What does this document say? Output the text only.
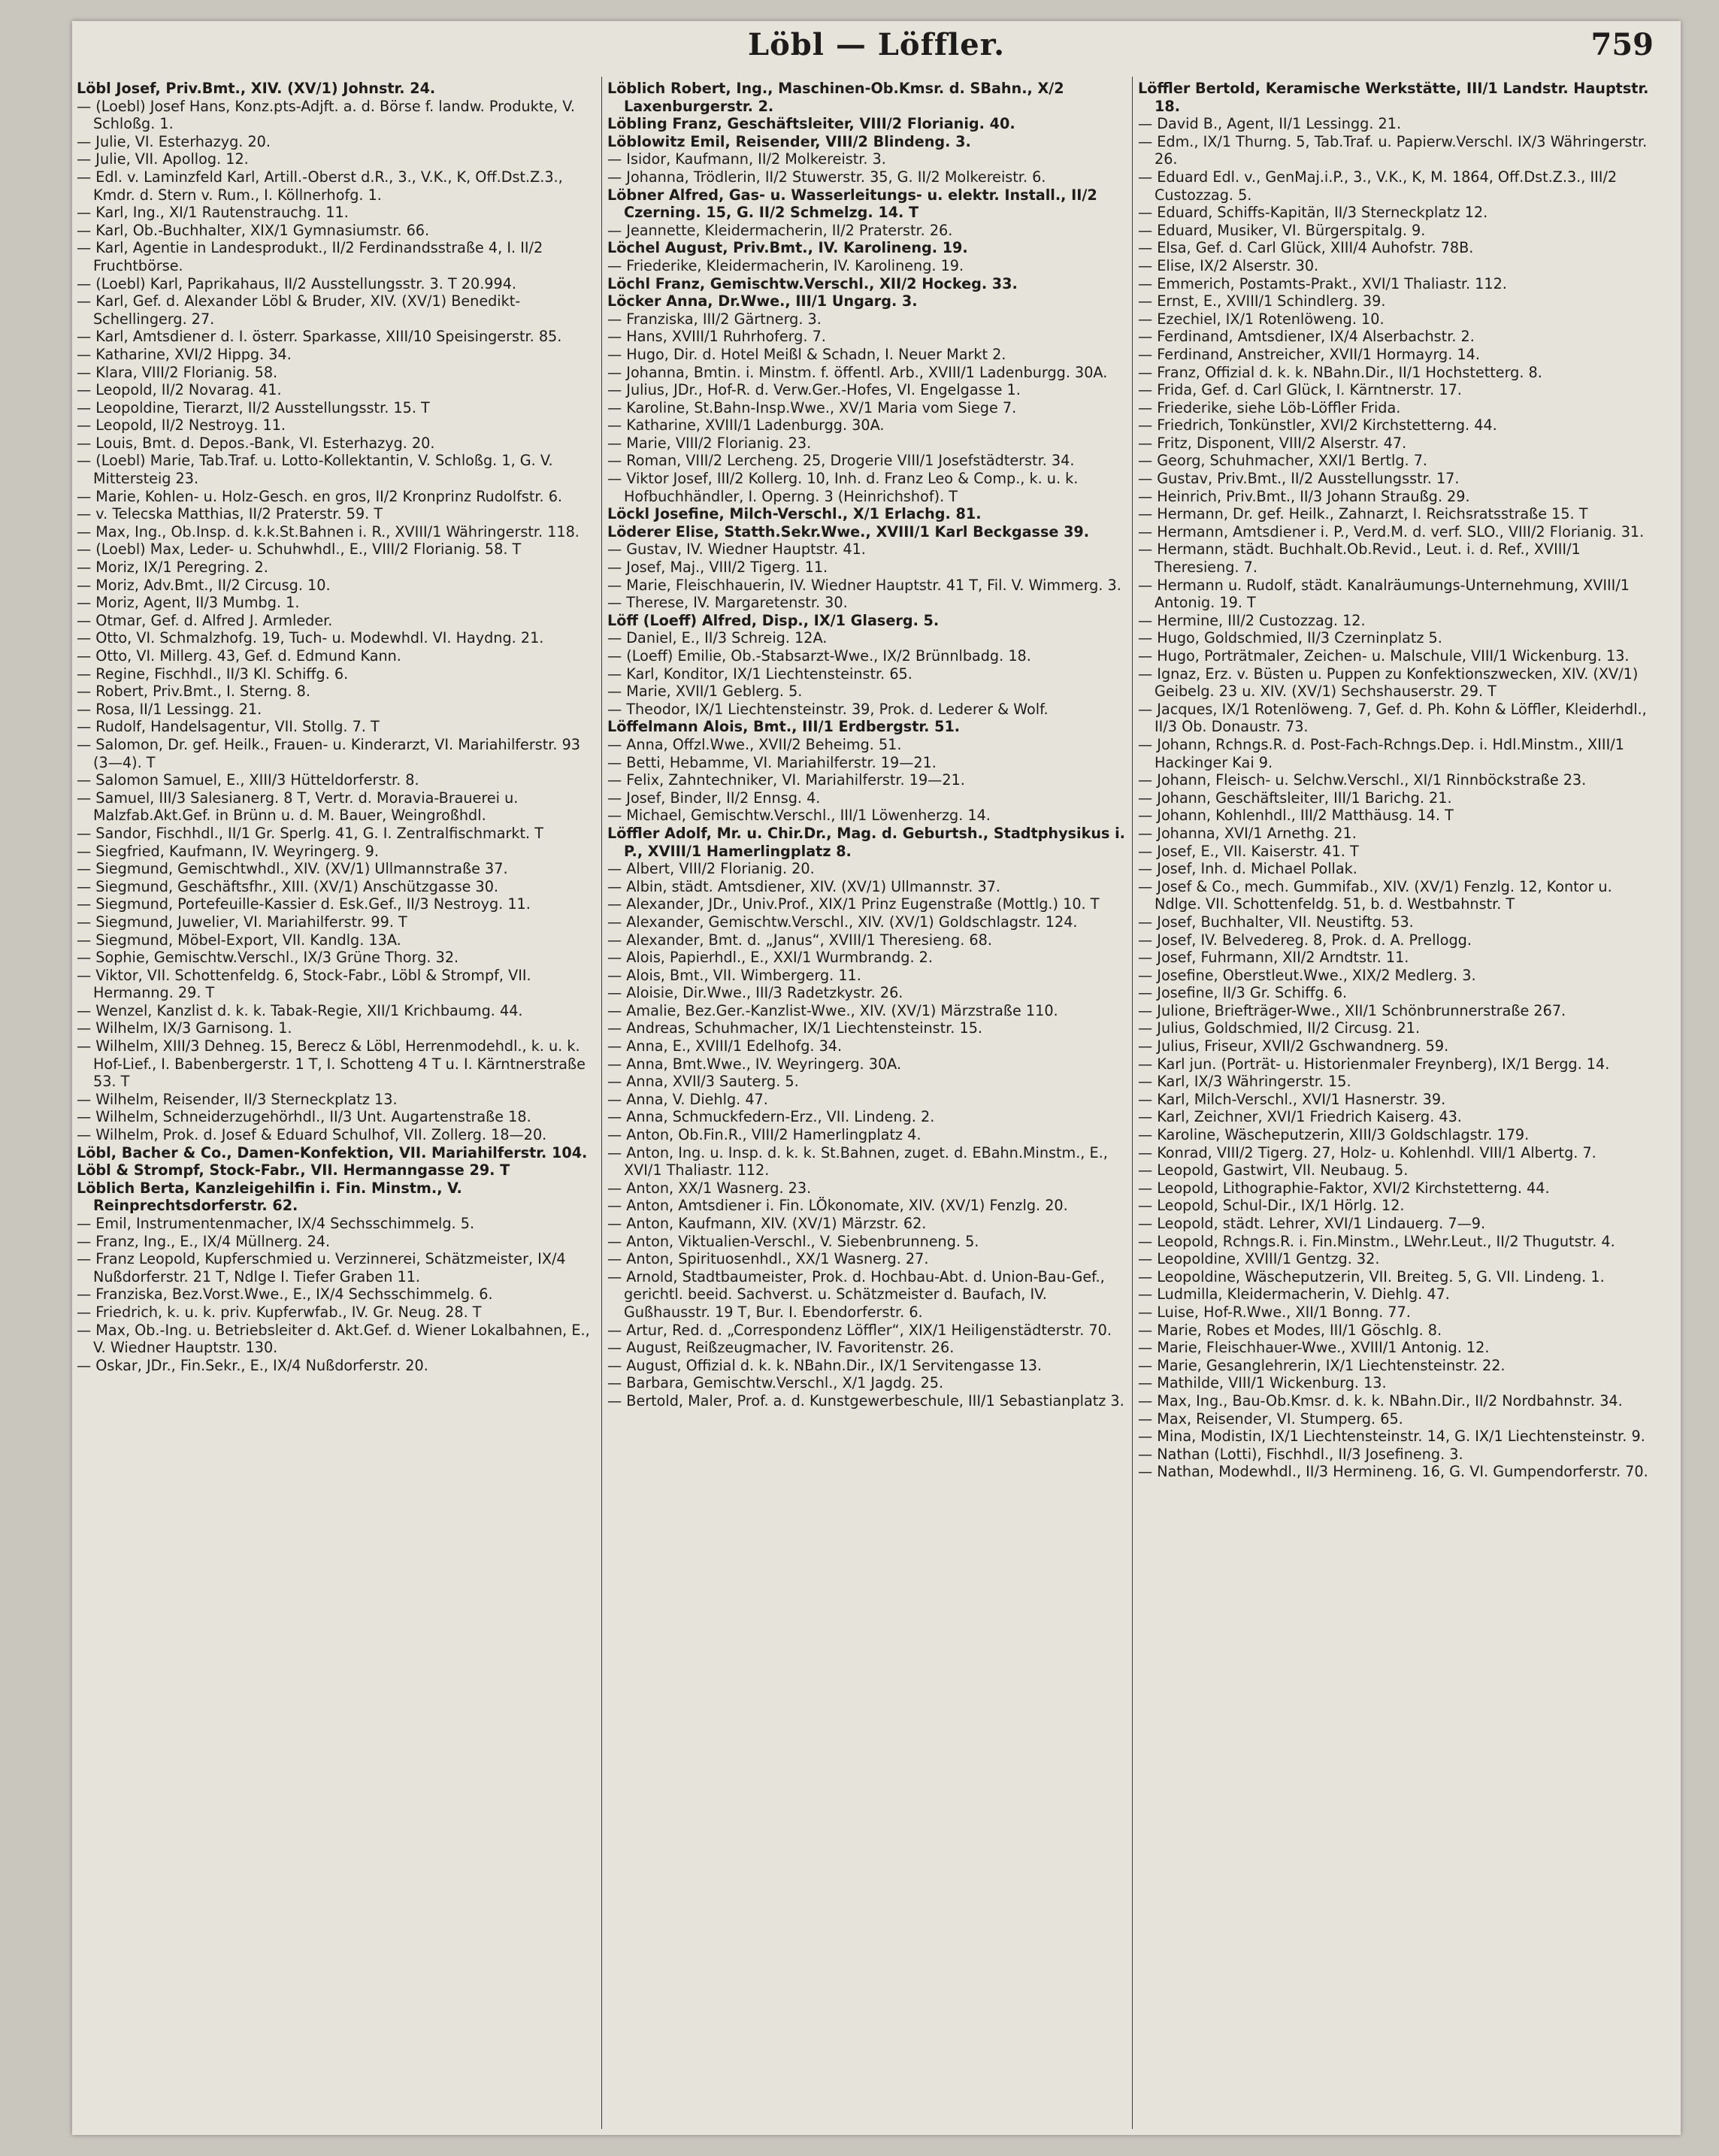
Löbl — Löffler.	759
Löbl Josef, Priv.Bmt., XIV. (XV/1) Johnstr. 24.
— (Loebl) Josef Hans, Konz.pts-Adjft. a. d. Börse f. landw. Produkte, V. Schloßg. 1.
— Julie, VI. Esterhazyg. 20.
— Julie, VII. Apollog. 12.
— Edl. v. Laminzfeld Karl, Artill.-Oberst d.R., 3., V.K., K, Off.Dst.Z.3., Kmdr. d. Stern v. Rum., I. Köllnerhofg. 1.
— Karl, Ing., XI/1 Rautenstrauchg. 11.
— Karl, Ob.-Buchhalter, XIX/1 Gymnasiumstr. 66.
— Karl, Agentie in Landesprodukt., II/2 Ferdinandsstraße 4, I. II/2 Fruchtbörse.
— (Loebl) Karl, Paprikahaus, II/2 Ausstellungsstr. 3. T 20.994.
— Karl, Gef. d. Alexander Löbl & Bruder, XIV. (XV/1) Benedikt-Schellingerg. 27.
— Karl, Amtsdiener d. I. österr. Sparkasse, XIII/10 Speisingerstr. 85.
— Katharine, XVI/2 Hippg. 34.
— Klara, VIII/2 Florianig. 58.
— Leopold, II/2 Novarag. 41.
— Leopoldine, Tierarzt, II/2 Ausstellungsstr. 15. T
— Leopold, II/2 Nestroyg. 11.
— Louis, Bmt. d. Depos.-Bank, VI. Esterhazyg. 20.
— (Loebl) Marie, Tab.Traf. u. Lotto-Kollektantin, V. Schloßg. 1, G. V. Mittersteig 23.
— Marie, Kohlen- u. Holz-Gesch. en gros, II/2 Kronprinz Rudolfstr. 6.
— v. Telecska Matthias, II/2 Praterstr. 59. T
— Max, Ing., Ob.Insp. d. k.k.St.Bahnen i. R., XVIII/1 Währingerstr. 118.
— (Loebl) Max, Leder- u. Schuhwhdl., E., VIII/2 Florianig. 58. T
— Moriz, IX/1 Peregring. 2.
— Moriz, Adv.Bmt., II/2 Circusg. 10.
— Moriz, Agent, II/3 Mumbg. 1.
— Otmar, Gef. d. Alfred J. Armleder.
— Otto, VI. Schmalzhofg. 19, Tuch- u. Modewhdl. VI. Haydng. 21.
— Otto, VI. Millerg. 43, Gef. d. Edmund Kann.
— Regine, Fischhdl., II/3 Kl. Schiffg. 6.
— Robert, Priv.Bmt., I. Sterng. 8.
— Rosa, II/1 Lessingg. 21.
— Rudolf, Handelsagentur, VII. Stollg. 7. T
— Salomon, Dr. gef. Heilk., Frauen- u. Kinderarzt, VI. Mariahilferstr. 93 (3—4). T
— Salomon Samuel, E., XIII/3 Hütteldorferstr. 8.
— Samuel, III/3 Salesianerg. 8 T, Vertr. d. Moravia-Brauerei u. Malzfab.Akt.Gef. in Brünn u. d. M. Bauer, Weingroßhdl.
— Sandor, Fischhdl., II/1 Gr. Sperlg. 41, G. I. Zentralfischmarkt. T
— Siegfried, Kaufmann, IV. Weyringerg. 9.
— Siegmund, Gemischtwhdl., XIV. (XV/1) Ullmannstraße 37.
— Siegmund, Geschäftsfhr., XIII. (XV/1) Anschützgasse 30.
— Siegmund, Portefeuille-Kassier d. Esk.Gef., II/3 Nestroyg. 11.
— Siegmund, Juwelier, VI. Mariahilferstr. 99. T
— Siegmund, Möbel-Export, VII. Kandlg. 13A.
— Sophie, Gemischtw.Verschl., IX/3 Grüne Thorg. 32.
— Viktor, VII. Schottenfeldg. 6, Stock-Fabr., Löbl & Strompf, VII. Hermanng. 29. T
— Wenzel, Kanzlist d. k. k. Tabak-Regie, XII/1 Krichbaumg. 44.
— Wilhelm, IX/3 Garnisong. 1.
— Wilhelm, XIII/3 Dehneg. 15, Berecz & Löbl, Herrenmodehdl., k. u. k. Hof-Lief., I. Babenbergerstr. 1 T, I. Schotteng 4 T u. I. Kärntnerstraße 53. T
— Wilhelm, Reisender, II/3 Sterneckplatz 13.
— Wilhelm, Schneiderzugehörhdl., II/3 Unt. Augartenstraße 18.
— Wilhelm, Prok. d. Josef & Eduard Schulhof, VII. Zollerg. 18—20.
Löbl, Bacher & Co., Damen-Konfektion, VII. Mariahilferstr. 104.
Löbl & Strompf, Stock-Fabr., VII. Hermanngasse 29. T
Löblich Berta, Kanzleigehilfin i. Fin. Minstm., V. Reinprechtsdorferstr. 62.
— Emil, Instrumentenmacher, IX/4 Sechsschimmelg. 5.
— Franz, Ing., E., IX/4 Müllnerg. 24.
— Franz Leopold, Kupferschmied u. Verzinnerei, Schätzmeister, IX/4 Nußdorferstr. 21 T, Ndlge I. Tiefer Graben 11.
— Franziska, Bez.Vorst.Wwe., E., IX/4 Sechsschimmelg. 6.
— Friedrich, k. u. k. priv. Kupferwfab., IV. Gr. Neug. 28. T
— Max, Ob.-Ing. u. Betriebsleiter d. Akt.Gef. d. Wiener Lokalbahnen, E., V. Wiedner Hauptstr. 130.
— Oskar, JDr., Fin.Sekr., E., IX/4 Nußdorferstr. 20.
Löblich Robert, Ing., Maschinen-Ob.Kmsr. d. SBahn., X/2 Laxenburgerstr. 2.
Löbling Franz, Geschäftsleiter, VIII/2 Florianig. 40.
Löblowitz Emil, Reisender, VIII/2 Blindeng. 3.
— Isidor, Kaufmann, II/2 Molkereistr. 3.
— Johanna, Trödlerin, II/2 Stuwerstr. 35, G. II/2 Molkereistr. 6.
Löbner Alfred, Gas- u. Wasserleitungs- u. elektr. Install., II/2 Czerning. 15, G. II/2 Schmelzg. 14. T
— Jeannette, Kleidermacherin, II/2 Praterstr. 26.
Löchel August, Priv.Bmt., IV. Karolineng. 19.
— Friederike, Kleidermacherin, IV. Karolineng. 19.
Löchl Franz, Gemischtw.Verschl., XII/2 Hockeg. 33.
Löcker Anna, Dr.Wwe., III/1 Ungarg. 3.
— Franziska, III/2 Gärtnerg. 3.
— Hans, XVIII/1 Ruhrhoferg. 7.
— Hugo, Dir. d. Hotel Meißl & Schadn, I. Neuer Markt 2.
— Johanna, Bmtin. i. Minstm. f. öffentl. Arb., XVIII/1 Ladenburgg. 30A.
— Julius, JDr., Hof-R. d. Verw.Ger.-Hofes, VI. Engelgasse 1.
— Karoline, St.Bahn-Insp.Wwe., XV/1 Maria vom Siege 7.
— Katharine, XVIII/1 Ladenburgg. 30A.
— Marie, VIII/2 Florianig. 23.
— Roman, VIII/2 Lercheng. 25, Drogerie VIII/1 Josefstädterstr. 34.
— Viktor Josef, III/2 Kollerg. 10, Inh. d. Franz Leo & Comp., k. u. k. Hofbuchhändler, I. Operng. 3 (Heinrichshof). T
Löckl Josefine, Milch-Verschl., X/1 Erlachg. 81.
Löderer Elise, Statth.Sekr.Wwe., XVIII/1 Karl Beckgasse 39.
— Gustav, IV. Wiedner Hauptstr. 41.
— Josef, Maj., VIII/2 Tigerg. 11.
— Marie, Fleischhauerin, IV. Wiedner Hauptstr. 41 T, Fil. V. Wimmerg. 3.
— Therese, IV. Margaretenstr. 30.
Löff (Loeff) Alfred, Disp., IX/1 Glaserg. 5.
— Daniel, E., II/3 Schreig. 12A.
— (Loeff) Emilie, Ob.-Stabsarzt-Wwe., IX/2 Brünnlbadg. 18.
— Karl, Konditor, IX/1 Liechtensteinstr. 65.
— Marie, XVII/1 Geblerg. 5.
— Theodor, IX/1 Liechtensteinstr. 39, Prok. d. Lederer & Wolf.
Löffelmann Alois, Bmt., III/1 Erdbergstr. 51.
— Anna, Offzl.Wwe., XVII/2 Beheimg. 51.
— Betti, Hebamme, VI. Mariahilferstr. 19—21.
— Felix, Zahntechniker, VI. Mariahilferstr. 19—21.
— Josef, Binder, II/2 Ennsg. 4.
— Michael, Gemischtw.Verschl., III/1 Löwenherzg. 14.
Löffler Adolf, Mr. u. Chir.Dr., Mag. d. Geburtsh., Stadtphysikus i. P., XVIII/1 Hamerlingplatz 8.
— Albert, VIII/2 Florianig. 20.
— Albin, städt. Amtsdiener, XIV. (XV/1) Ullmannstr. 37.
— Alexander, JDr., Univ.Prof., XIX/1 Prinz Eugenstraße (Mottlg.) 10. T
— Alexander, Gemischtw.Verschl., XIV. (XV/1) Goldschlagstr. 124.
— Alexander, Bmt. d. „Janus“, XVIII/1 Theresieng. 68.
— Alois, Papierhdl., E., XXI/1 Wurmbrandg. 2.
— Alois, Bmt., VII. Wimbergerg. 11.
— Aloisie, Dir.Wwe., III/3 Radetzkystr. 26.
— Amalie, Bez.Ger.-Kanzlist-Wwe., XIV. (XV/1) Märzstraße 110.
— Andreas, Schuhmacher, IX/1 Liechtensteinstr. 15.
— Anna, E., XVIII/1 Edelhofg. 34.
— Anna, Bmt.Wwe., IV. Weyringerg. 30A.
— Anna, XVII/3 Sauterg. 5.
— Anna, V. Diehlg. 47.
— Anna, Schmuckfedern-Erz., VII. Lindeng. 2.
— Anton, Ob.Fin.R., VIII/2 Hamerlingplatz 4.
— Anton, Ing. u. Insp. d. k. k. St.Bahnen, zuget. d. EBahn.Minstm., E., XVI/1 Thaliastr. 112.
— Anton, XX/1 Wasnerg. 23.
— Anton, Amtsdiener i. Fin. LÖkonomate, XIV. (XV/1) Fenzlg. 20.
— Anton, Kaufmann, XIV. (XV/1) Märzstr. 62.
— Anton, Viktualien-Verschl., V. Siebenbrunneng. 5.
— Anton, Spirituosenhdl., XX/1 Wasnerg. 27.
— Arnold, Stadtbaumeister, Prok. d. Hochbau-Abt. d. Union-Bau-Gef., gerichtl. beeid. Sachverst. u. Schätzmeister d. Baufach, IV. Gußhausstr. 19 T, Bur. I. Ebendorferstr. 6.
— Artur, Red. d. „Correspondenz Löffler“, XIX/1 Heiligenstädterstr. 70.
— August, Reißzeugmacher, IV. Favoritenstr. 26.
— August, Offizial d. k. k. NBahn.Dir., IX/1 Servitengasse 13.
— Barbara, Gemischtw.Verschl., X/1 Jagdg. 25.
— Bertold, Maler, Prof. a. d. Kunstgewerbeschule, III/1 Sebastianplatz 3.
Löffler Bertold, Keramische Werkstätte, III/1 Landstr. Hauptstr. 18.
— David B., Agent, II/1 Lessingg. 21.
— Edm., IX/1 Thurng. 5, Tab.Traf. u. Papierw.Verschl. IX/3 Währingerstr. 26.
— Eduard Edl. v., GenMaj.i.P., 3., V.K., K, M. 1864, Off.Dst.Z.3., III/2 Custozzag. 5.
— Eduard, Schiffs-Kapitän, II/3 Sterneckplatz 12.
— Eduard, Musiker, VI. Bürgerspitalg. 9.
— Elsa, Gef. d. Carl Glück, XIII/4 Auhofstr. 78B.
— Elise, IX/2 Alserstr. 30.
— Emmerich, Postamts-Prakt., XVI/1 Thaliastr. 112.
— Ernst, E., XVIII/1 Schindlerg. 39.
— Ezechiel, IX/1 Rotenlöweng. 10.
— Ferdinand, Amtsdiener, IX/4 Alserbachstr. 2.
— Ferdinand, Anstreicher, XVII/1 Hormayrg. 14.
— Franz, Offizial d. k. k. NBahn.Dir., II/1 Hochstetterg. 8.
— Frida, Gef. d. Carl Glück, I. Kärntnerstr. 17.
— Friederike, siehe Löb-Löffler Frida.
— Friedrich, Tonkünstler, XVI/2 Kirchstetterng. 44.
— Fritz, Disponent, VIII/2 Alserstr. 47.
— Georg, Schuhmacher, XXI/1 Bertlg. 7.
— Gustav, Priv.Bmt., II/2 Ausstellungsstr. 17.
— Heinrich, Priv.Bmt., II/3 Johann Straußg. 29.
— Hermann, Dr. gef. Heilk., Zahnarzt, I. Reichsratsstraße 15. T
— Hermann, Amtsdiener i. P., Verd.M. d. verf. SLO., VIII/2 Florianig. 31.
— Hermann, städt. Buchhalt.Ob.Revid., Leut. i. d. Ref., XVIII/1 Theresieng. 7.
— Hermann u. Rudolf, städt. Kanalräumungs-Unternehmung, XVIII/1 Antonig. 19. T
— Hermine, III/2 Custozzag. 12.
— Hugo, Goldschmied, II/3 Czerninplatz 5.
— Hugo, Porträtmaler, Zeichen- u. Malschule, VIII/1 Wickenburg. 13.
— Ignaz, Erz. v. Büsten u. Puppen zu Konfektionszwecken, XIV. (XV/1) Geibelg. 23 u. XIV. (XV/1) Sechshauserstr. 29. T
— Jacques, IX/1 Rotenlöweng. 7, Gef. d. Ph. Kohn & Löffler, Kleiderhdl., II/3 Ob. Donaustr. 73.
— Johann, Rchngs.R. d. Post-Fach-Rchngs.Dep. i. Hdl.Minstm., XIII/1 Hackinger Kai 9.
— Johann, Fleisch- u. Selchw.Verschl., XI/1 Rinnböckstraße 23.
— Johann, Geschäftsleiter, III/1 Barichg. 21.
— Johann, Kohlenhdl., III/2 Matthäusg. 14. T
— Johanna, XVI/1 Arnethg. 21.
— Josef, E., VII. Kaiserstr. 41. T
— Josef, Inh. d. Michael Pollak.
— Josef & Co., mech. Gummifab., XIV. (XV/1) Fenzlg. 12, Kontor u. Ndlge. VII. Schottenfeldg. 51, b. d. Westbahnstr. T
— Josef, Buchhalter, VII. Neustiftg. 53.
— Josef, IV. Belvedereg. 8, Prok. d. A. Prellogg.
— Josef, Fuhrmann, XII/2 Arndtstr. 11.
— Josefine, Oberstleut.Wwe., XIX/2 Medlerg. 3.
— Josefine, II/3 Gr. Schiffg. 6.
— Julione, Briefträger-Wwe., XII/1 Schönbrunnerstraße 267.
— Julius, Goldschmied, II/2 Circusg. 21.
— Julius, Friseur, XVII/2 Gschwandnerg. 59.
— Karl jun. (Porträt- u. Historienmaler Freynberg), IX/1 Bergg. 14.
— Karl, IX/3 Währingerstr. 15.
— Karl, Milch-Verschl., XVI/1 Hasnerstr. 39.
— Karl, Zeichner, XVI/1 Friedrich Kaiserg. 43.
— Karoline, Wäscheputzerin, XIII/3 Goldschlagstr. 179.
— Konrad, VIII/2 Tigerg. 27, Holz- u. Kohlenhdl. VIII/1 Albertg. 7.
— Leopold, Gastwirt, VII. Neubaug. 5.
— Leopold, Lithographie-Faktor, XVI/2 Kirchstetterng. 44.
— Leopold, Schul-Dir., IX/1 Hörlg. 12.
— Leopold, städt. Lehrer, XVI/1 Lindauerg. 7—9.
— Leopold, Rchngs.R. i. Fin.Minstm., LWehr.Leut., II/2 Thugutstr. 4.
— Leopoldine, XVIII/1 Gentzg. 32.
— Leopoldine, Wäscheputzerin, VII. Breiteg. 5, G. VII. Lindeng. 1.
— Ludmilla, Kleidermacherin, V. Diehlg. 47.
— Luise, Hof-R.Wwe., XII/1 Bonng. 77.
— Marie, Robes et Modes, III/1 Göschlg. 8.
— Marie, Fleischhauer-Wwe., XVIII/1 Antonig. 12.
— Marie, Gesanglehrerin, IX/1 Liechtensteinstr. 22.
— Mathilde, VIII/1 Wickenburg. 13.
— Max, Ing., Bau-Ob.Kmsr. d. k. k. NBahn.Dir., II/2 Nordbahnstr. 34.
— Max, Reisender, VI. Stumperg. 65.
— Mina, Modistin, IX/1 Liechtensteinstr. 14, G. IX/1 Liechtensteinstr. 9.
— Nathan (Lotti), Fischhdl., II/3 Josefineng. 3.
— Nathan, Modewhdl., II/3 Hermineng. 16, G. VI. Gumpendorferstr. 70.
